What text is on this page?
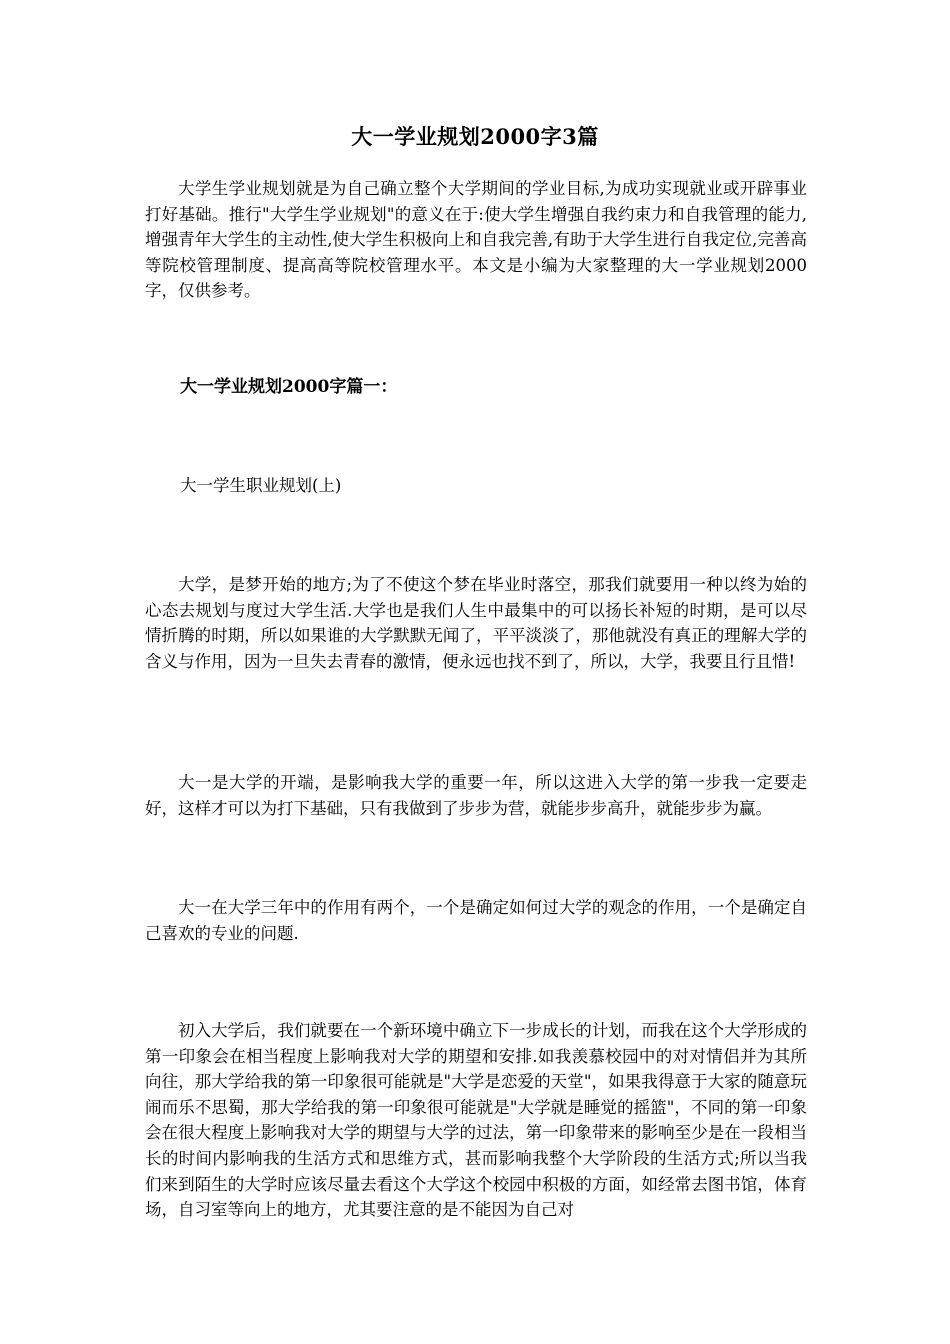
大一学业规划2000字3篇

大学生学业规划就是为自己确立整个大学期间的学业目标,为成功实现就业或开辟事业打好基础。推行"大学生学业规划"的意义在于:使大学生增强自我约束力和自我管理的能力,增强青年大学生的主动性,使大学生积极向上和自我完善,有助于大学生进行自我定位,完善高等院校管理制度、提高高等院校管理水平。本文是小编为大家整理的大一学业规划2000字，仅供参考。

大一学业规划2000字篇一：

大一学生职业规划(上)

大学，是梦开始的地方;为了不使这个梦在毕业时落空，那我们就要用一种以终为始的心态去规划与度过大学生活.大学也是我们人生中最集中的可以扬长补短的时期，是可以尽情折腾的时期，所以如果谁的大学默默无闻了，平平淡淡了，那他就没有真正的理解大学的含义与作用，因为一旦失去青春的激情，便永远也找不到了，所以，大学，我要且行且惜!

大一是大学的开端，是影响我大学的重要一年，所以这进入大学的第一步我一定要走好，这样才可以为打下基础，只有我做到了步步为营，就能步步高升，就能步步为赢。

大一在大学三年中的作用有两个，一个是确定如何过大学的观念的作用，一个是确定自己喜欢的专业的问题.

初入大学后，我们就要在一个新环境中确立下一步成长的计划，而我在这个大学形成的第一印象会在相当程度上影响我对大学的期望和安排.如我羡慕校园中的对对情侣并为其所向往，那大学给我的第一印象很可能就是"大学是恋爱的天堂"，如果我得意于大家的随意玩闹而乐不思蜀，那大学给我的第一印象很可能就是"大学就是睡觉的摇篮"，不同的第一印象会在很大程度上影响我对大学的期望与大学的过法，第一印象带来的影响至少是在一段相当长的时间内影响我的生活方式和思维方式，甚而影响我整个大学阶段的生活方式;所以当我们来到陌生的大学时应该尽量去看这个大学这个校园中积极的方面，如经常去图书馆，体育场，自习室等向上的地方，尤其要注意的是不能因为自己对
